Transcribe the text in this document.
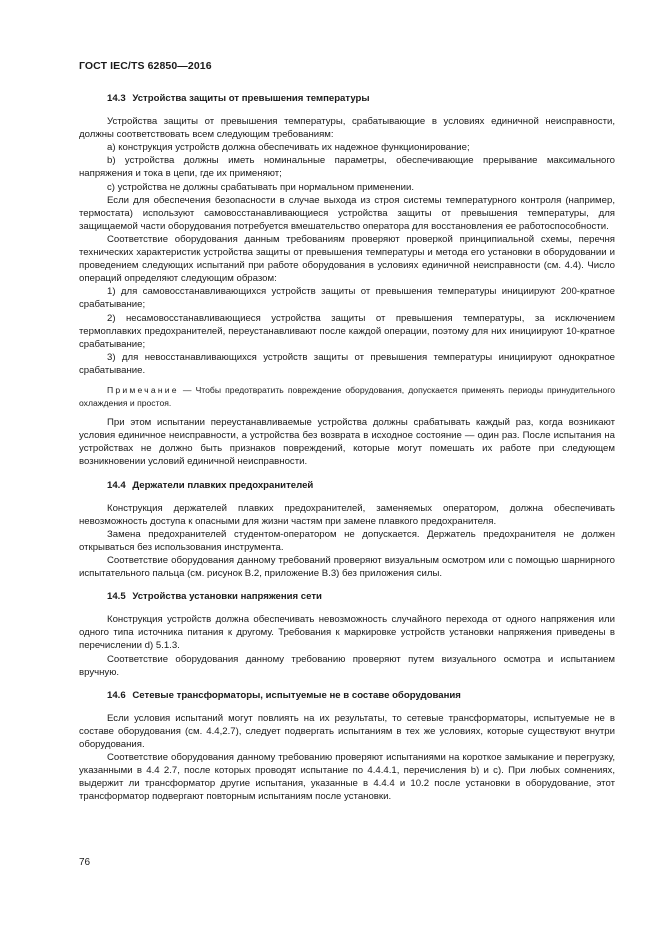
ГОСТ IEC/TS 62850—2016

14.3 Устройства защиты от превышения температуры

Устройства защиты от превышения температуры, срабатывающие в условиях единичной неисправности, должны соответствовать всем следующим требованиям:

a) конструкция устройств должна обеспечивать их надежное функционирование;

b) устройства должны иметь номинальные параметры, обеспечивающие прерывание максимального напряжения и тока в цепи, где их применяют;

c) устройства не должны срабатывать при нормальном применении.

Если для обеспечения безопасности в случае выхода из строя системы температурного контроля (например, термостата) используют самовосстанавливающиеся устройства защиты от превышения температуры, для защищаемой части оборудования потребуется вмешательство оператора для восстановления ее работоспособности.

Соответствие оборудования данным требованиям проверяют проверкой принципиальной схемы, перечня технических характеристик устройства защиты от превышения температуры и метода его установки в оборудовании и проведением следующих испытаний при работе оборудования в условиях единичной неисправности (см. 4.4). Число операций определяют следующим образом:

1) для самовосстанавливающихся устройств защиты от превышения температуры инициируют 200-кратное срабатывание;

2) несамовосстанавливающиеся устройства защиты от превышения температуры, за исключением термоплавких предохранителей, переустанавливают после каждой операции, поэтому для них инициируют 10-кратное срабатывание;

3) для невосстанавливающихся устройств защиты от превышения температуры инициируют однократное срабатывание.

Примечание — Чтобы предотвратить повреждение оборудования, допускается применять периоды принудительного охлаждения и простоя.

При этом испытании переустанавливаемые устройства должны срабатывать каждый раз, когда возникают условия единичное неисправности, а устройства без возврата в исходное состояние — один раз. После испытания на устройствах не должно быть признаков повреждений, которые могут помешать их работе при следующем возникновении условий единичной неисправности.

14.4 Держатели плавких предохранителей

Конструкция держателей плавких предохранителей, заменяемых оператором, должна обеспечивать невозможность доступа к опасными для жизни частям при замене плавкого предохранителя.

Замена предохранителей студентом-оператором не допускается. Держатель предохранителя не должен открываться без использования инструмента.

Соответствие оборудования данному требований проверяют визуальным осмотром или с помощью шарнирного испытательного пальца (см. рисунок В.2, приложение В.3) без приложения силы.

14.5 Устройства установки напряжения сети

Конструкция устройств должна обеспечивать невозможность случайного перехода от одного напряжения или одного типа источника питания к другому. Требования к маркировке устройств установки напряжения приведены в перечислении d) 5.1.3.

Соответствие оборудования данному требованию проверяют путем визуального осмотра и испытанием вручную.

14.6 Сетевые трансформаторы, испытуемые не в составе оборудования

Если условия испытаний могут повлиять на их результаты, то сетевые трансформаторы, испытуемые не в составе оборудования (см. 4.4,2.7), следует подвергать испытаниям в тех же условиях, которые существуют внутри оборудования.

Соответствие оборудования данному требованию проверяют испытаниями на короткое замыкание и перегрузку, указанными в 4.4 2.7, после которых проводят испытание по 4.4.4.1, перечисления b) и c). При любых сомнениях, выдержит ли трансформатор другие испытания, указанные в 4.4.4 и 10.2 после установки в оборудование, этот трансформатор подвергают повторным испытаниям после установки.

76
